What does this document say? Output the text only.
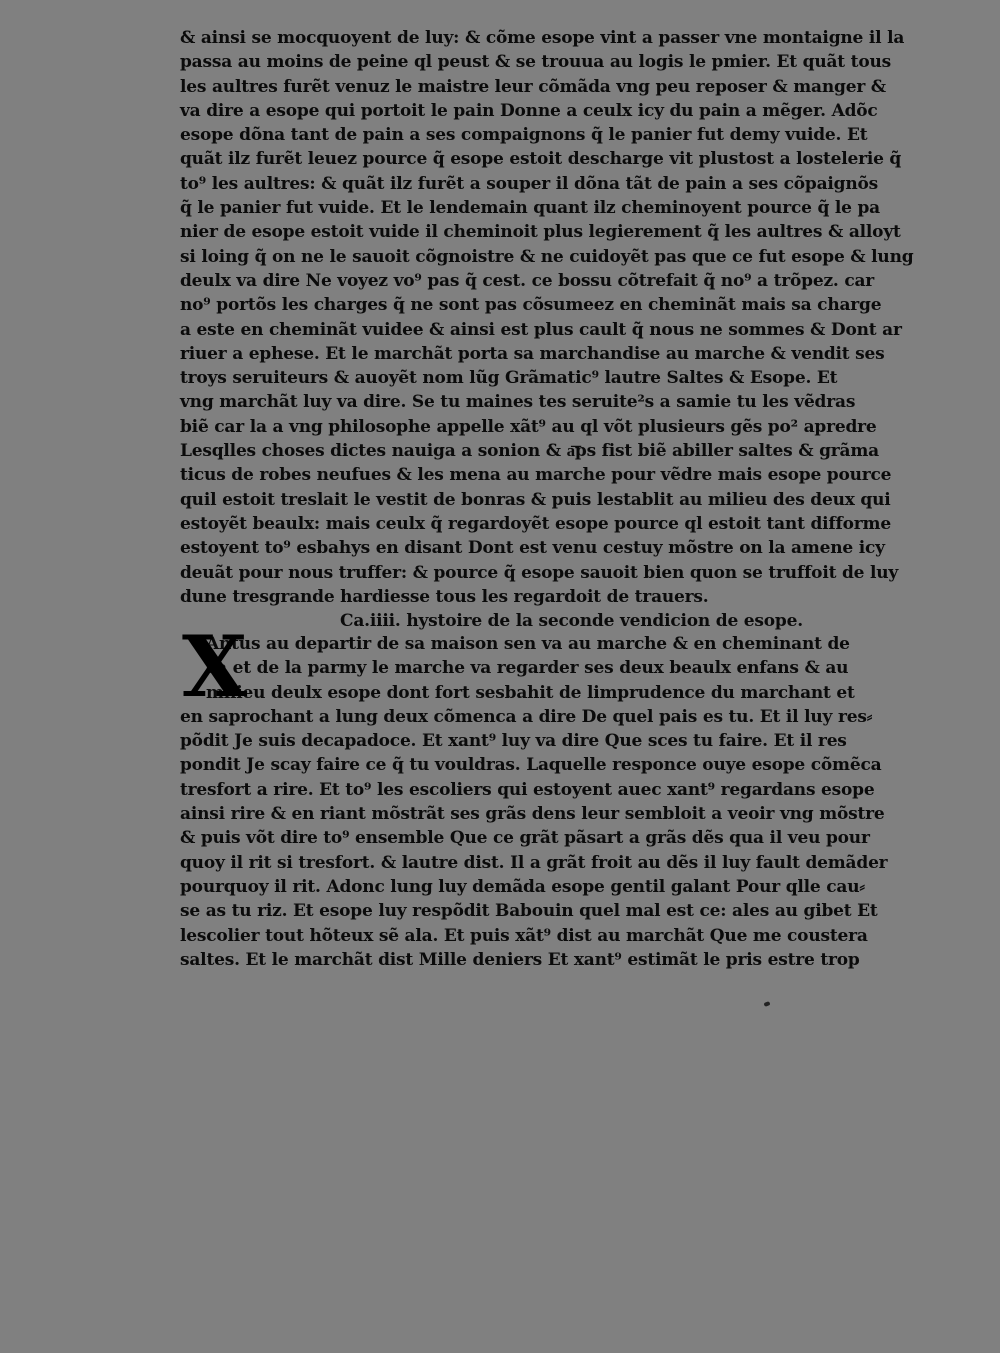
& ainsi se mocquoyent de luy: & cõme esope vint a passer vne montaigne il la
passa au moins de peine ql peust & se trouua au logis le pmier. Et quãt tous
les aultres furẽt venuz le maistre leur cõmãda vng peu reposer & manger &
va dire a esope qui portoit le pain Donne a ceulx icy du pain a mẽger. Adõc
esope dõna tant de pain a ses compaignons q̃ le panier fut demy vuide. Et
quãt ilz furẽt leuez pource q̃ esope estoit descharge vit plustost a lostelerie q̃
to⁹ les aultres: & quãt ilz furẽt a souper il dõna tãt de pain a ses cõpaignõs
q̃ le panier fut vuide. Et le lendemain quant ilz cheminoyent pource q̃ le pa
nier de esope estoit vuide il cheminoit plus legierement q̃ les aultres & alloyt
si loing q̃ on ne le sauoit cõgnoistre & ne cuidoyẽt pas que ce fut esope & lung
deulx va dire Ne voyez vo⁹ pas q̃ cest. ce bossu cõtrefait q̃ no⁹ a trõpez. car
no⁹ portõs les charges q̃ ne sont pas cõsumeez en cheminãt mais sa charge
a este en cheminãt vuidee & ainsi est plus cault q̃ nous ne sommes & Dont ar
riuer a ephese. Et le marchãt porta sa marchandise au marche & vendit ses
troys seruiteurs & auoyẽt nom lũg Grãmatic⁹ lautre Saltes & Esope. Et
vng marchãt luy va dire. Se tu maines tes seruite²s a samie tu les vẽdras
biẽ car la a vng philosophe appelle xãt⁹ au ql võt plusieurs gẽs po² apredre
Lesqlles choses dictes nauiga a sonion & a͞ps fist biẽ abiller saltes & grãma
ticus de robes neufues & les mena au marche pour vẽdre mais esope pource
quil estoit treslait le vestit de bonras & puis lestablit au milieu des deux qui
estoyẽt beaulx: mais ceulx q̃ regardoyẽt esope pource ql estoit tant difforme
estoyent to⁹ esbahys en disant Dont est venu cestuy mõstre on la amene icy
deuãt pour nous truffer: & pource q̃ esope sauoit bien quon se truffoit de luy
dune tresgrande hardiesse tous les regardoit de trauers.
Ca.iiii. hystoire de la seconde vendicion de esope.
X
Antus au departir de sa maison sen va au marche & en cheminant de
ca et de la parmy le marche va regarder ses deux beaulx enfans & au
milieu deulx esope dont fort sesbahit de limprudence du marchant et
en saprochant a lung deux cõmenca a dire De quel pais es tu. Et il luy res⸗
põdit Je suis decapadoce. Et xant⁹ luy va dire Que sces tu faire. Et il res
pondit Je scay faire ce q̃ tu vouldras. Laquelle responce ouye esope cõmẽca
tresfort a rire. Et to⁹ les escoliers qui estoyent auec xant⁹ regardans esope
ainsi rire & en riant mõstrãt ses grãs dens leur sembloit a veoir vng mõstre
& puis võt dire to⁹ ensemble Que ce grãt pãsart a grãs dẽs qua il veu pour
quoy il rit si tresfort. & lautre dist. Il a grãt froit au dẽs il luy fault demãder
pourquoy il rit. Adonc lung luy demãda esope gentil galant Pour qlle cau⸗
se as tu riz. Et esope luy respõdit Babouin quel mal est ce: ales au gibet Et
lescolier tout hõteux sẽ ala. Et puis xãt⁹ dist au marchãt Que me coustera
saltes. Et le marchãt dist Mille deniers Et xant⁹ estimãt le pris estre trop
